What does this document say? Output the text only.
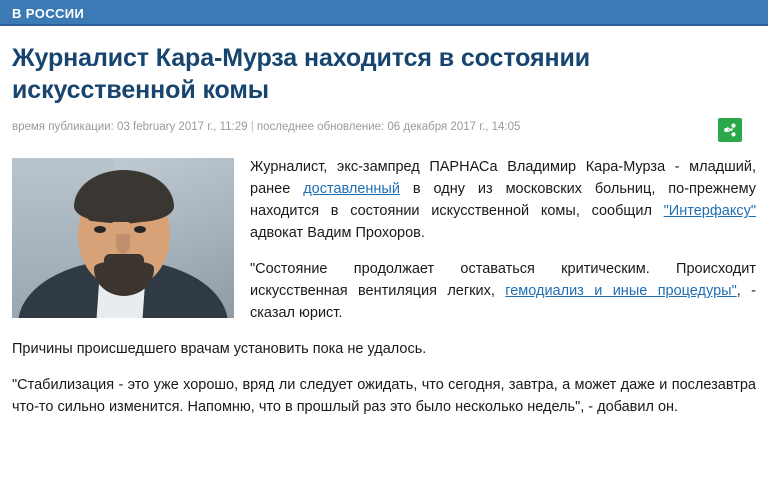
В РОССИИ
Журналист Кара-Мурза находится в состоянии искусственной комы
время публикации: 03 february 2017 г., 11:29 | последнее обновление: 06 декабря 2017 г., 14:05

Журналист, экс-зампред ПАРНАСа Владимир Кара-Мурза - младший, ранее доставленный в одну из московских больниц, по-прежнему находится в состоянии искусственной комы, сообщил "Интерфаксу" адвокат Вадим Прохоров.

"Состояние продолжает оставаться критическим. Происходит искусственная вентиляция легких, гемодиализ и иные процедуры", - сказал юрист.

Причины происшедшего врачам установить пока не удалось.

"Стабилизация - это уже хорошо, вряд ли следует ожидать, что сегодня, завтра, а может даже и послезавтра что-то сильно изменится. Напомню, что в прошлый раз это было несколько недель", - добавил он.
